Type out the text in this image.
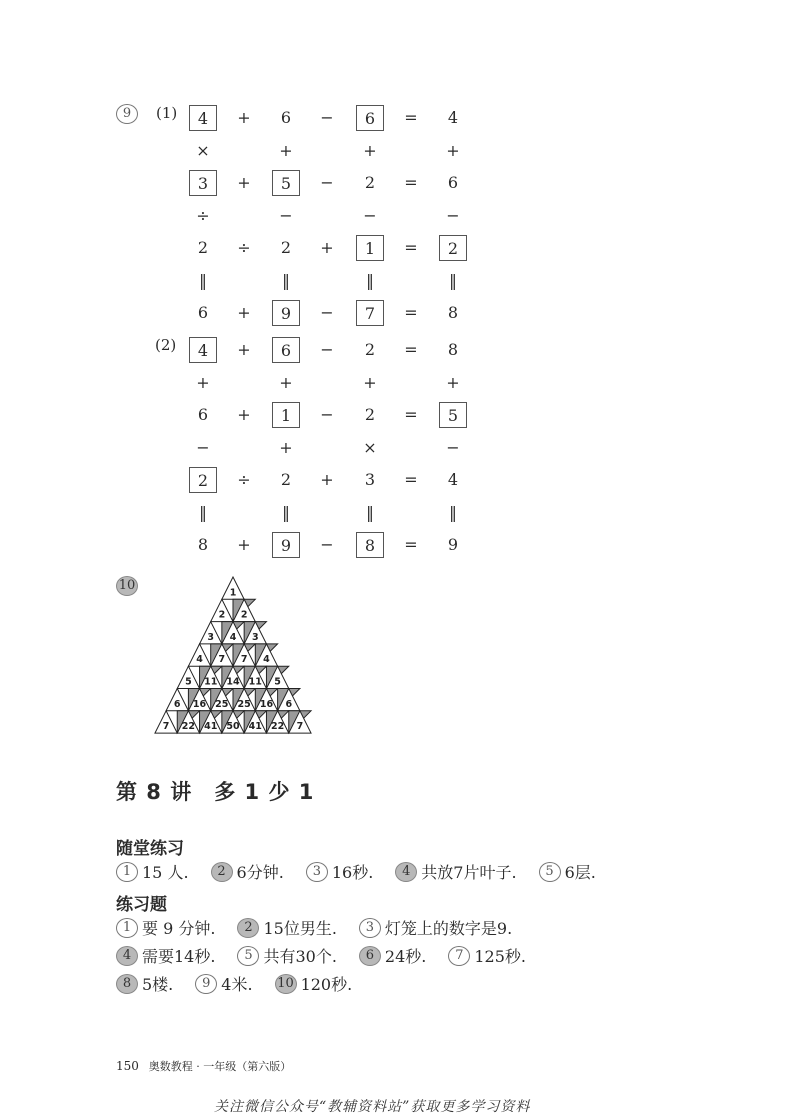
9	(1)	4	+	6	−	6	=	4
×	+	+	+
3	+	5	−	2	=	6
÷	−	−	−
2	÷	2	+	1	=	2
‖	‖	‖	‖
6	+	9	−	7	=	8
(2)	4	+	6	−	2	=	8
+	+	+	+
6	+	1	−	2	=	5
−	+	×	−
2	÷	2	+	3	=	4
‖	‖	‖	‖
8	+	9	−	8	=	9
10	1
2 2
3 4 3
4 7 7 4
5 11 14 11 5
6 16 25 25 16 6
7 22 41 50 41 22 7
第 8 讲　多 1 少 1
随堂练习
1 15 人. 2 6分钟. 3 16秒. 4 共放7片叶子. 5 6层.
练习题
1 要 9 分钟. 2 15位男生. 3 灯笼上的数字是9.
4 需要14秒. 5 共有30个. 6 24秒. 7 125秒.
8 5楼. 9 4米. 10 120秒.
150 奥数教程 · 一年级（第六版）
关注微信公众号“教辅资料站”获取更多学习资料
